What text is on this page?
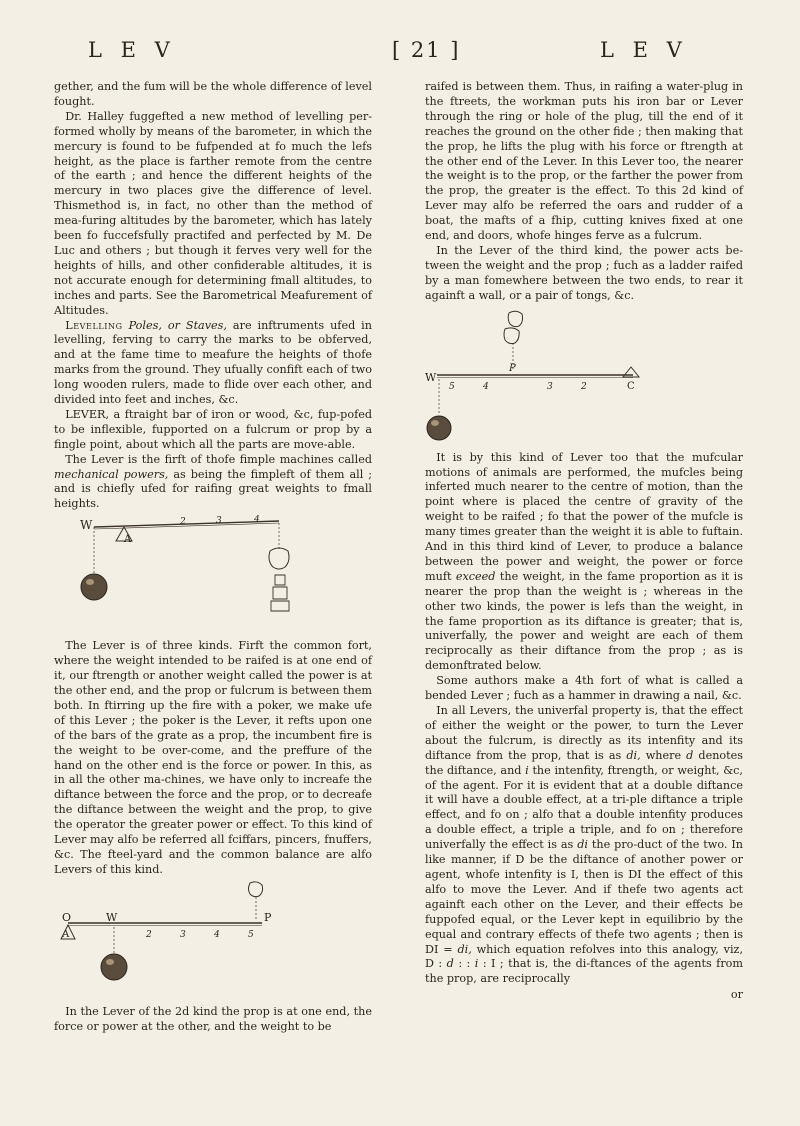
L E V	[ 21 ]	L E V

gether, and the fum will be the whole difference of level fought.

Dr. Halley fuggefted a new method of levelling per-formed wholly by means of the barometer, in which the mercury is found to be fufpended at fo much the lefs height, as the place is farther remote from the centre of the earth ; and hence the different heights of the mercury in two places give the difference of level. Thismethod is, in fact, no other than the method of mea-furing altitudes by the barometer, which has lately been fo fuccefsfully practifed and perfected by M. De Luc and others ; but though it ferves very well for the heights of hills, and other confiderable altitudes, it is not accurate enough for determining fmall altitudes, to inches and parts. See the Barometrical Meafurement of Altitudes.

Levelling Poles, or Staves, are inftruments ufed in levelling, ferving to carry the marks to be obferved, and at the fame time to meafure the heights of thofe marks from the ground. They ufually confift each of two long wooden rulers, made to flide over each other, and divided into feet and inches, &c.

LEVER, a ftraight bar of iron or wood, &c, fup-pofed to be inflexible, fupported on a fulcrum or prop by a fingle point, about which all the parts are move-able.

The Lever is the firft of thofe fimple machines called mechanical powers, as being the fimpleft of them all ; and is chiefly ufed for raifing great weights to fmall heights.

W
A
2	3	4

The Lever is of three kinds. Firft the common fort, where the weight intended to be raifed is at one end of it, our ftrength or another weight called the power is at the other end, and the prop or fulcrum is between them both. In ftirring up the fire with a poker, we make ufe of this Lever ; the poker is the Lever, it refts upon one of the bars of the grate as a prop, the incumbent fire is the weight to be over-come, and the preffure of the hand on the other end is the force or power. In this, as in all the other ma-chines, we have only to increafe the diftance between the force and the prop, or to decreafe the diftance between the weight and the prop, to give the operator the greater power or effect. To this kind of Lever may alfo be referred all fciffars, pincers, fnuffers, &c. The fteel-yard and the common balance are alfo Levers of this kind.

O	W	P
A	2	3	4	5

In the Lever of the 2d kind the prop is at one end, the force or power at the other, and the weight to be

raifed is between them. Thus, in raifing a water-plug in the ftreets, the workman puts his iron bar or Lever through the ring or hole of the plug, till the end of it reaches the ground on the other fide ; then making that the prop, he lifts the plug with his force or ftrength at the other end of the Lever. In this Lever too, the nearer the weight is to the prop, or the farther the power from the prop, the greater is the effect. To this 2d kind of Lever may alfo be referred the oars and rudder of a boat, the mafts of a fhip, cutting knives fixed at one end, and doors, whofe hinges ferve as a fulcrum.

In the Lever of the third kind, the power acts be-tween the weight and the prop ; fuch as a ladder raifed by a man fomewhere between the two ends, to rear it againft a wall, or a pair of tongs, &c.

W
P
C
5	4	3	2

It is by this kind of Lever too that the mufcular motions of animals are performed, the mufcles being inferted much nearer to the centre of motion, than the point where is placed the centre of gravity of the weight to be raifed ; fo that the power of the mufcle is many times greater than the weight it is able to fuftain. And in this third kind of Lever, to produce a balance between the power and weight, the power or force muft exceed the weight, in the fame proportion as it is nearer the prop than the weight is ; whereas in the other two kinds, the power is lefs than the weight, in the fame proportion as its diftance is greater; that is, univerfally, the power and weight are each of them reciprocally as their diftance from the prop ; as is demonftrated below.

Some authors make a 4th fort of what is called a bended Lever ; fuch as a hammer in drawing a nail, &c.

In all Levers, the univerfal property is, that the effect of either the weight or the power, to turn the Lever about the fulcrum, is directly as its intenfity and its diftance from the prop, that is as di, where d denotes the diftance, and i the intenfity, ftrength, or weight, &c, of the agent. For it is evident that at a double diftance it will have a double effect, at a tri-ple diftance a triple effect, and fo on ; alfo that a double intenfity produces a double effect, a triple a triple, and fo on ; therefore univerfally the effect is as di the pro-duct of the two. In like manner, if D be the diftance of another power or agent, whofe intenfity is I, then is DI the effect of this alfo to move the Lever. And if thefe two agents act againft each other on the Lever, and their effects be fuppofed equal, or the Lever kept in equilibrio by the equal and contrary effects of thefe two agents ; then is DI = di, which equation refolves into this analogy, viz, D : d : : i : I ; that is, the di-ftances of the agents from the prop, are reciprocally

or
